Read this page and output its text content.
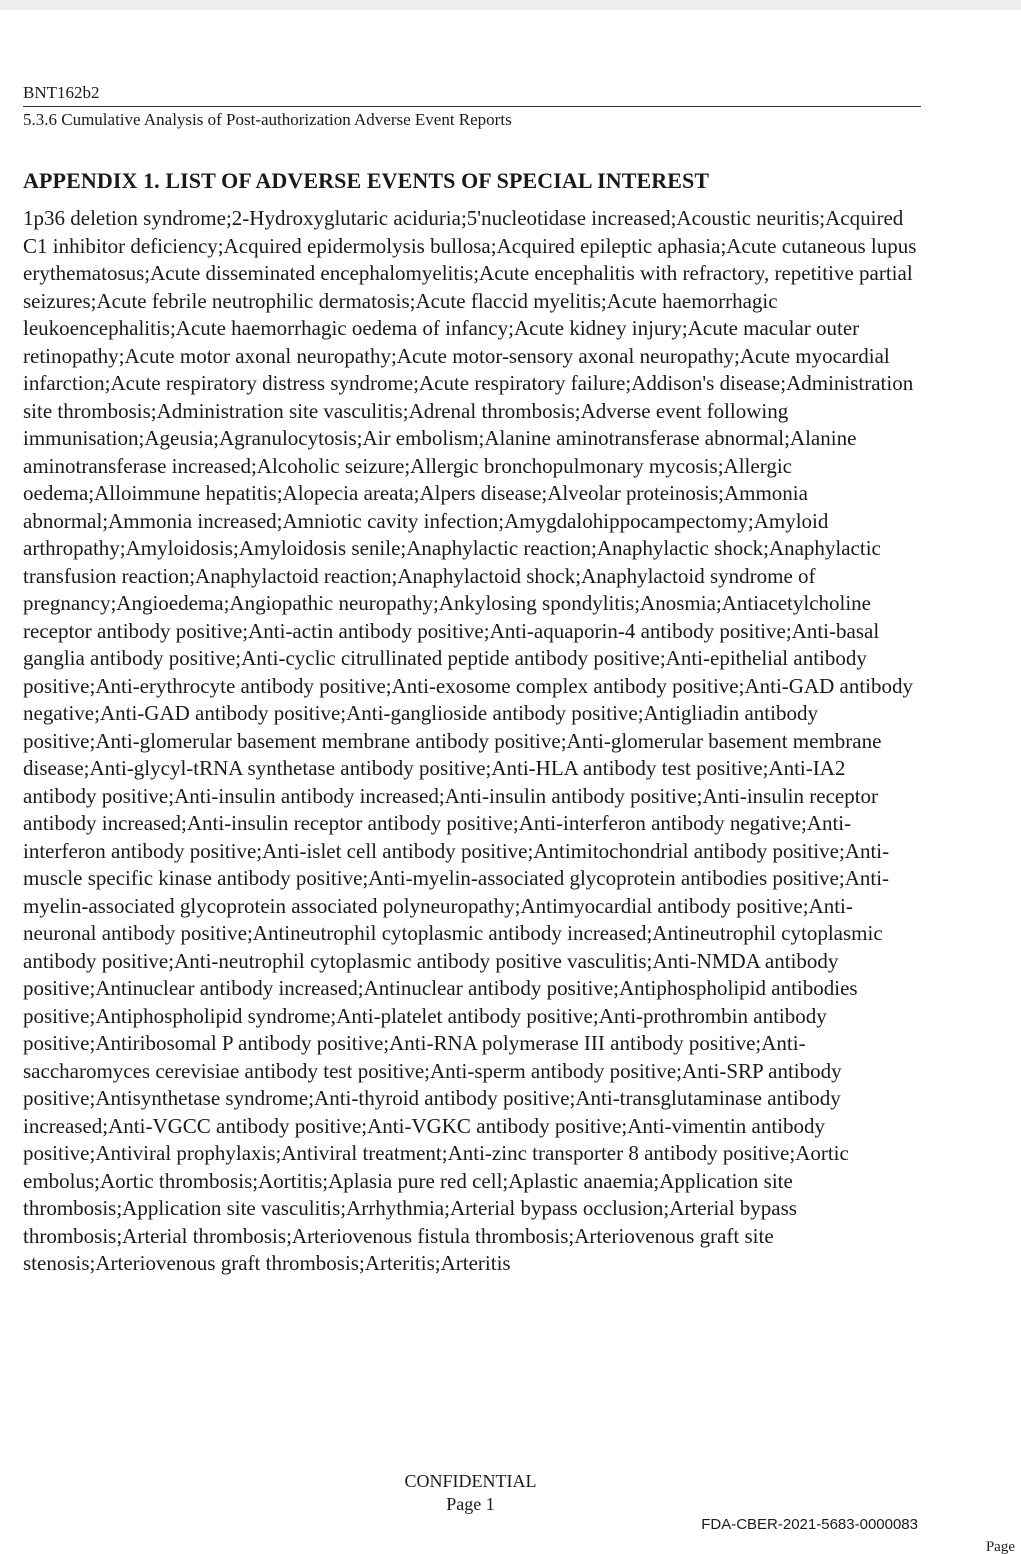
BNT162b2
5.3.6 Cumulative Analysis of Post-authorization Adverse Event Reports
APPENDIX 1. LIST OF ADVERSE EVENTS OF SPECIAL INTEREST
1p36 deletion syndrome;2-Hydroxyglutaric aciduria;5'nucleotidase increased;Acoustic neuritis;Acquired C1 inhibitor deficiency;Acquired epidermolysis bullosa;Acquired epileptic aphasia;Acute cutaneous lupus erythematosus;Acute disseminated encephalomyelitis;Acute encephalitis with refractory, repetitive partial seizures;Acute febrile neutrophilic dermatosis;Acute flaccid myelitis;Acute haemorrhagic leukoencephalitis;Acute haemorrhagic oedema of infancy;Acute kidney injury;Acute macular outer retinopathy;Acute motor axonal neuropathy;Acute motor-sensory axonal neuropathy;Acute myocardial infarction;Acute respiratory distress syndrome;Acute respiratory failure;Addison's disease;Administration site thrombosis;Administration site vasculitis;Adrenal thrombosis;Adverse event following immunisation;Ageusia;Agranulocytosis;Air embolism;Alanine aminotransferase abnormal;Alanine aminotransferase increased;Alcoholic seizure;Allergic bronchopulmonary mycosis;Allergic oedema;Alloimmune hepatitis;Alopecia areata;Alpers disease;Alveolar proteinosis;Ammonia abnormal;Ammonia increased;Amniotic cavity infection;Amygdalohippocampectomy;Amyloid arthropathy;Amyloidosis;Amyloidosis senile;Anaphylactic reaction;Anaphylactic shock;Anaphylactic transfusion reaction;Anaphylactoid reaction;Anaphylactoid shock;Anaphylactoid syndrome of pregnancy;Angioedema;Angiopathic neuropathy;Ankylosing spondylitis;Anosmia;Antiacetylcholine receptor antibody positive;Anti-actin antibody positive;Anti-aquaporin-4 antibody positive;Anti-basal ganglia antibody positive;Anti-cyclic citrullinated peptide antibody positive;Anti-epithelial antibody positive;Anti-erythrocyte antibody positive;Anti-exosome complex antibody positive;Anti-GAD antibody negative;Anti-GAD antibody positive;Anti-ganglioside antibody positive;Antigliadin antibody positive;Anti-glomerular basement membrane antibody positive;Anti-glomerular basement membrane disease;Anti-glycyl-tRNA synthetase antibody positive;Anti-HLA antibody test positive;Anti-IA2 antibody positive;Anti-insulin antibody increased;Anti-insulin antibody positive;Anti-insulin receptor antibody increased;Anti-insulin receptor antibody positive;Anti-interferon antibody negative;Anti-interferon antibody positive;Anti-islet cell antibody positive;Antimitochondrial antibody positive;Anti-muscle specific kinase antibody positive;Anti-myelin-associated glycoprotein antibodies positive;Anti-myelin-associated glycoprotein associated polyneuropathy;Antimyocardial antibody positive;Anti-neuronal antibody positive;Antineutrophil cytoplasmic antibody increased;Antineutrophil cytoplasmic antibody positive;Anti-neutrophil cytoplasmic antibody positive vasculitis;Anti-NMDA antibody positive;Antinuclear antibody increased;Antinuclear antibody positive;Antiphospholipid antibodies positive;Antiphospholipid syndrome;Anti-platelet antibody positive;Anti-prothrombin antibody positive;Antiribosomal P antibody positive;Anti-RNA polymerase III antibody positive;Anti-saccharomyces cerevisiae antibody test positive;Anti-sperm antibody positive;Anti-SRP antibody positive;Antisynthetase syndrome;Anti-thyroid antibody positive;Anti-transglutaminase antibody increased;Anti-VGCC antibody positive;Anti-VGKC antibody positive;Anti-vimentin antibody positive;Antiviral prophylaxis;Antiviral treatment;Anti-zinc transporter 8 antibody positive;Aortic embolus;Aortic thrombosis;Aortitis;Aplasia pure red cell;Aplastic anaemia;Application site thrombosis;Application site vasculitis;Arrhythmia;Arterial bypass occlusion;Arterial bypass thrombosis;Arterial thrombosis;Arteriovenous fistula thrombosis;Arteriovenous graft site stenosis;Arteriovenous graft thrombosis;Arteritis;Arteritis
CONFIDENTIAL
Page 1
FDA-CBER-2021-5683-0000083
Page
